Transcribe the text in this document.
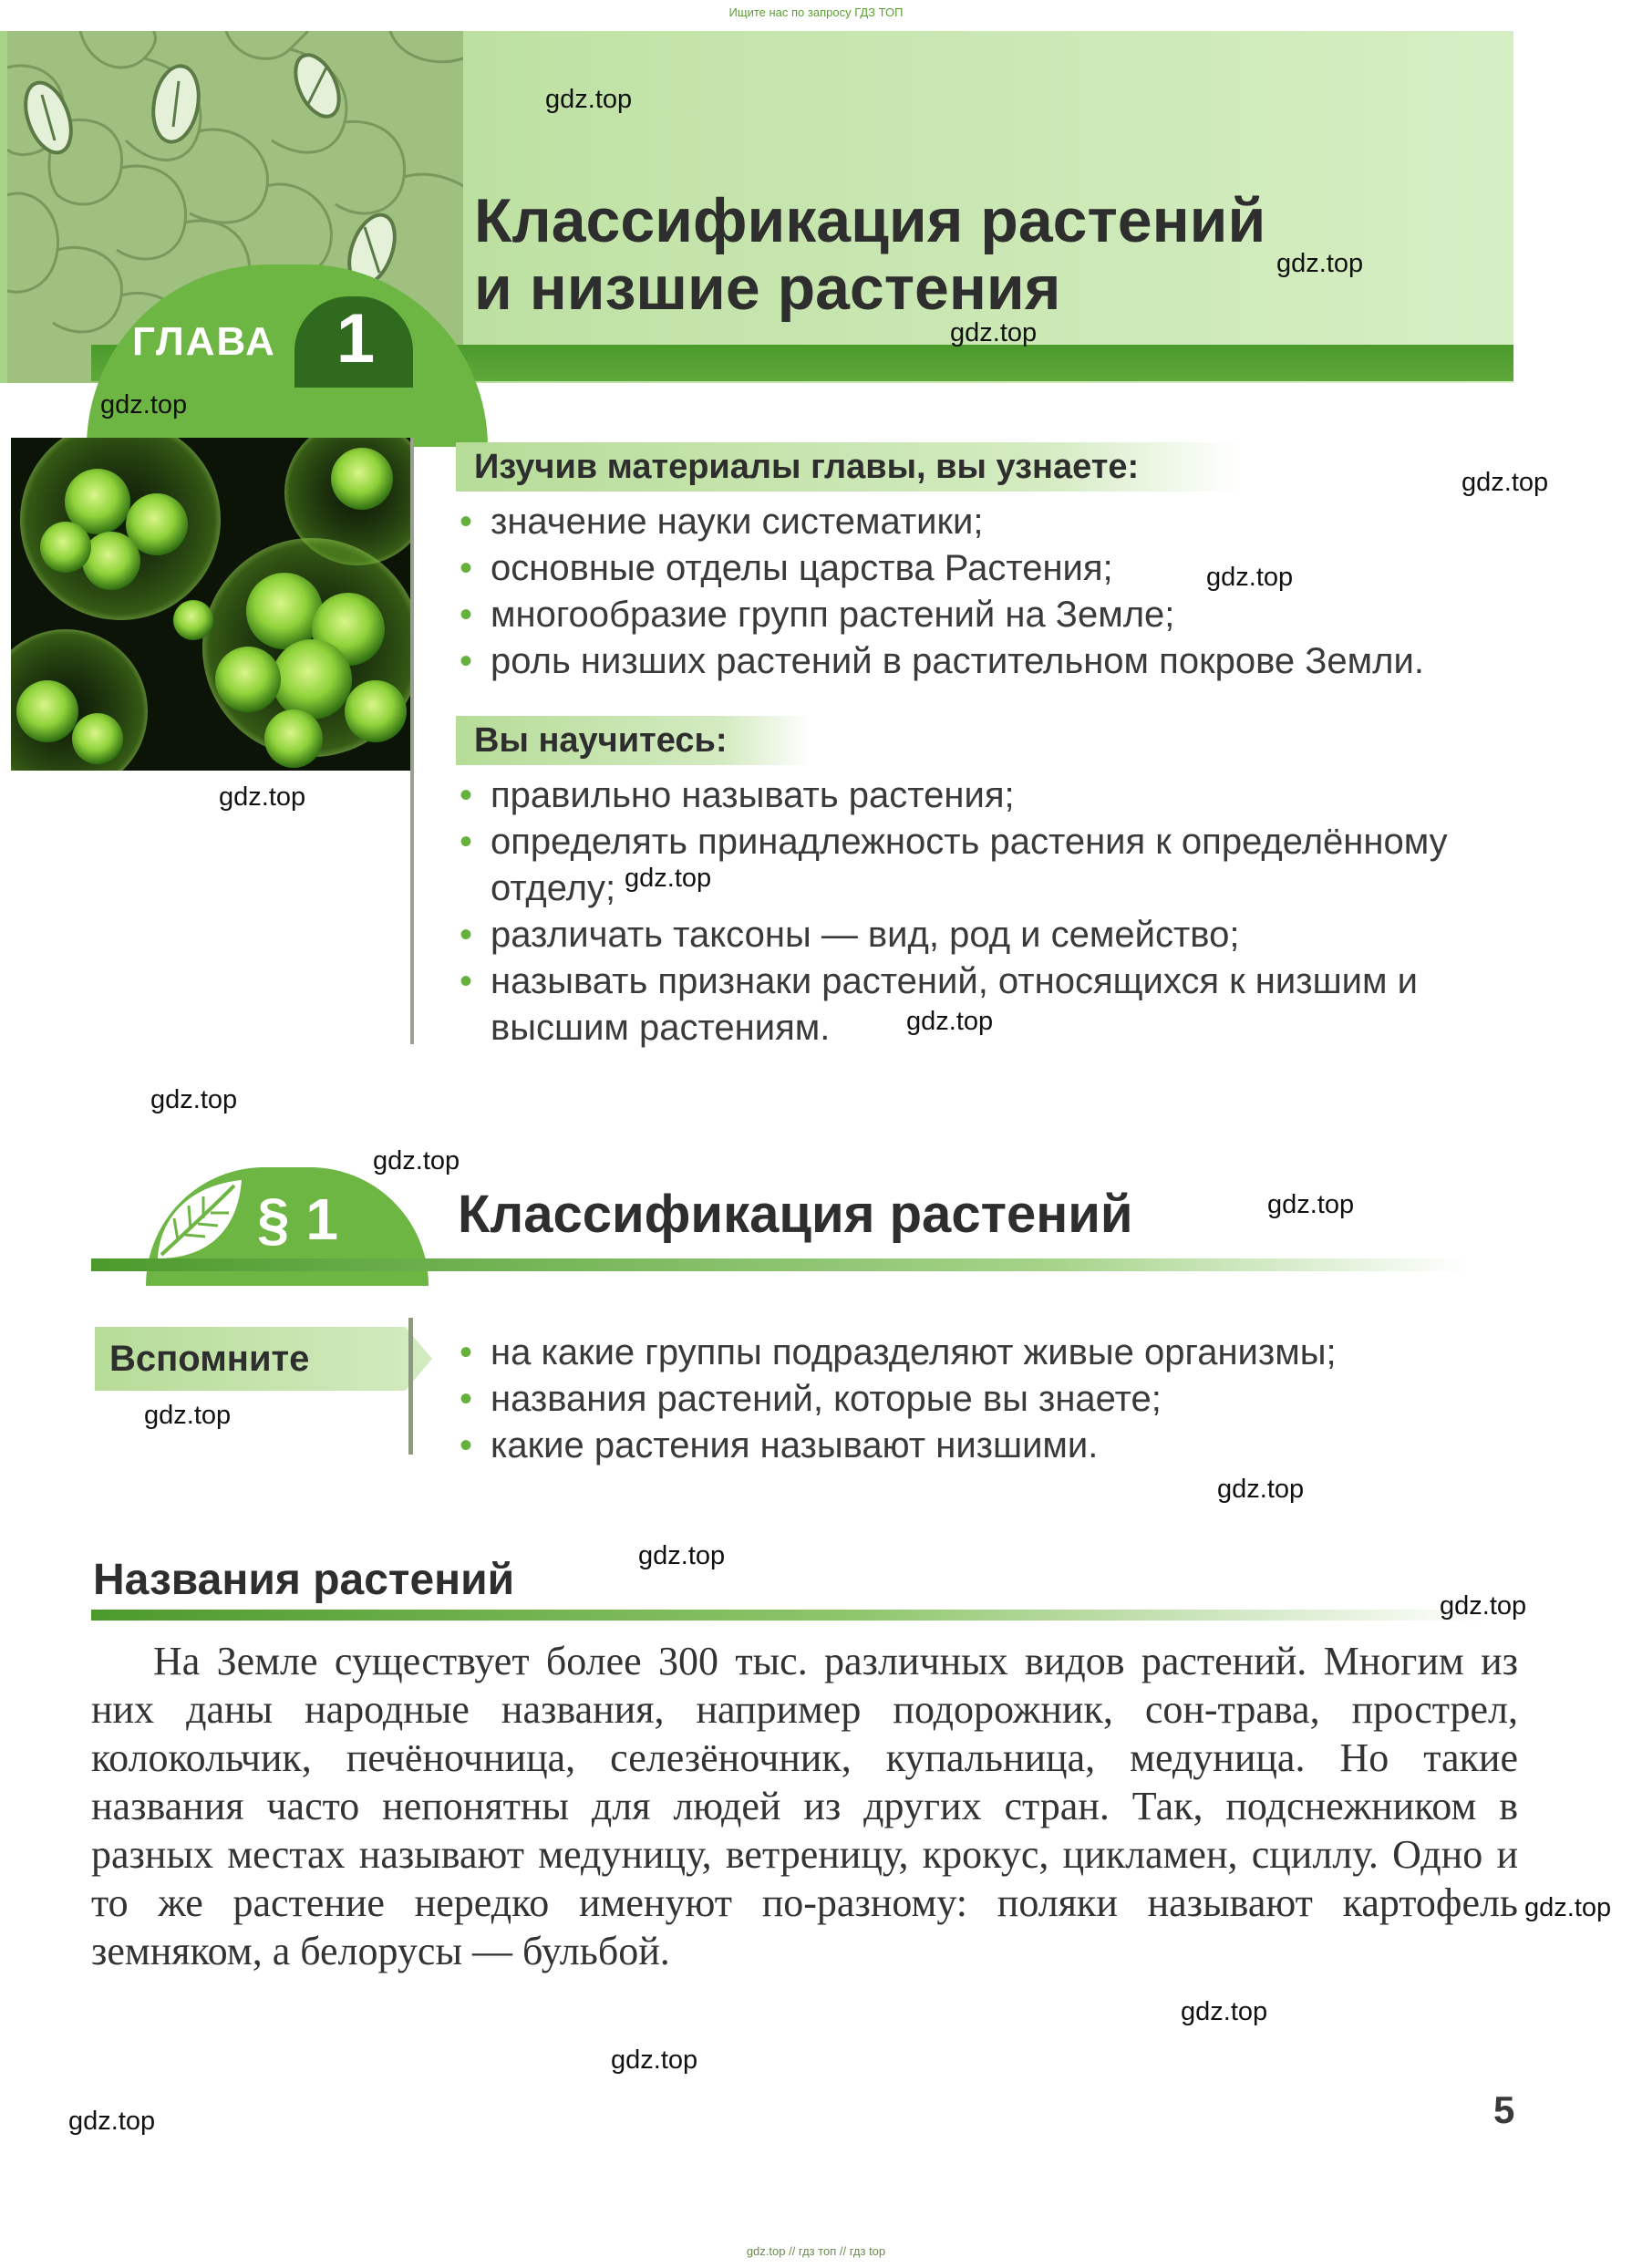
Ищите нас по запросу ГДЗ ТОП
ГЛАВА 1
Классификация растений
и низшие растения
Изучив материалы главы, вы узнаете:
• значение науки систематики;
• основные отделы царства Растения;
• многообразие групп растений на Земле;
• роль низших растений в растительном покрове Земли.
Вы научитесь:
• правильно называть растения;
• определять принадлежность растения к определённому отделу;
• различать таксоны — вид, род и семейство;
• называть признаки растений, относящихся к низшим и высшим растениям.
§ 1 Классификация растений
Вспомните
•	на какие группы подразделяют живые организмы;
• названия растений, которые вы знаете;
• какие растения называют низшими.
Названия растений

На Земле существует более 300 тыс. различных видов растений. Многим из них даны народные названия, например подорожник, сон-трава, прострел, колокольчик, печёночница, селезёночник, купальница, медуница. Но такие названия часто непонятны для людей из других стран. Так, подснежником в разных местах называют медуницу, ветреницу, крокус, цикламен, сциллу. Одно и то же растение нередко именуют по-разному: поляки называют картофель земняком, а белорусы — бульбой.

5
gdz.top
gdz.top
gdz.top
gdz.top
gdz.top
gdz.top
gdz.top
gdz.top
gdz.top
gdz.top
gdz.top
gdz.top
gdz.top
gdz.top
gdz.top
gdz.top
gdz.top
gdz.top
gdz.top
gdz.top
gdz.top // гдз топ // гдз top
